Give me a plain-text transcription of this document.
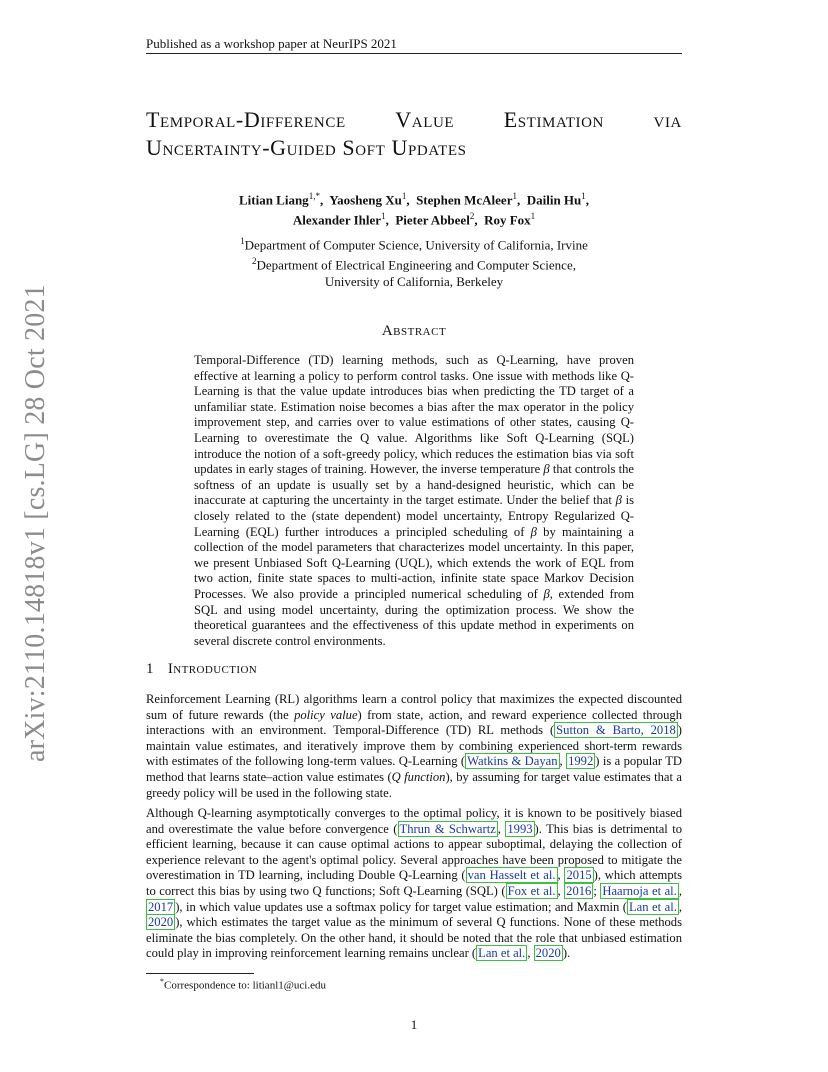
arXiv:2110.14818v1 [cs.LG] 28 Oct 2021
Published as a workshop paper at NeurIPS 2021
Temporal-Difference Value Estimation via
Uncertainty-Guided Soft Updates
Litian Liang$^{1,*}$,  Yaosheng Xu$^1$,  Stephen McAleer$^1$,  Dailin Hu$^1$,
Alexander Ihler$^1$,  Pieter Abbeel$^2$,  Roy Fox$^1$
$^1$Department of Computer Science, University of California, Irvine
$^2$Department of Electrical Engineering and Computer Science,
University of California, Berkeley
Abstract
Temporal-Difference (TD) learning methods, such as Q-Learning, have proven effective at learning a policy to perform control tasks. One issue with methods like Q-Learning is that the value update introduces bias when predicting the TD target of a unfamiliar state. Estimation noise becomes a bias after the max operator in the policy improvement step, and carries over to value estimations of other states, causing Q-Learning to overestimate the Q value. Algorithms like Soft Q-Learning (SQL) introduce the notion of a soft-greedy policy, which reduces the estimation bias via soft updates in early stages of training. However, the inverse temperature β that controls the softness of an update is usually set by a hand-designed heuristic, which can be inaccurate at capturing the uncertainty in the target estimate. Under the belief that β is closely related to the (state dependent) model uncertainty, Entropy Regularized Q-Learning (EQL) further introduces a principled scheduling of β by maintaining a collection of the model parameters that characterizes model uncertainty. In this paper, we present Unbiased Soft Q-Learning (UQL), which extends the work of EQL from two action, finite state spaces to multi-action, infinite state space Markov Decision Processes. We also provide a principled numerical scheduling of β, extended from SQL and using model uncertainty, during the optimization process. We show the theoretical guarantees and the effectiveness of this update method in experiments on several discrete control environments.
1 Introduction
Reinforcement Learning (RL) algorithms learn a control policy that maximizes the expected discounted sum of future rewards (the policy value) from state, action, and reward experience collected through interactions with an environment. Temporal-Difference (TD) RL methods ( Sutton & Barto, 2018 ) maintain value estimates, and iteratively improve them by combining experienced short-term rewards with estimates of the following long-term values. Q-Learning ( Watkins & Dayan , 1992 ) is a popular TD method that learns state–action value estimates (Q function), by assuming for target value estimates that a greedy policy will be used in the following state.
Although Q-learning asymptotically converges to the optimal policy, it is known to be positively biased and overestimate the value before convergence ( Thrun & Schwartz , 1993 ). This bias is detrimental to efficient learning, because it can cause optimal actions to appear suboptimal, delaying the collection of experience relevant to the agent's optimal policy. Several approaches have been proposed to mitigate the overestimation in TD learning, including Double Q-Learning ( van Hasselt et al. , 2015 ), which attempts to correct this bias by using two Q functions; Soft Q-Learning (SQL) ( Fox et al. , 2016 ; Haarnoja et al. , 2017 ), in which value updates use a softmax policy for target value estimation; and Maxmin ( Lan et al. , 2020 ), which estimates the target value as the minimum of several Q functions. None of these methods eliminate the bias completely. On the other hand, it should be noted that the role that unbiased estimation could play in improving reinforcement learning remains unclear ( Lan et al. , 2020 ).
*Correspondence to: litianl1@uci.edu
1
